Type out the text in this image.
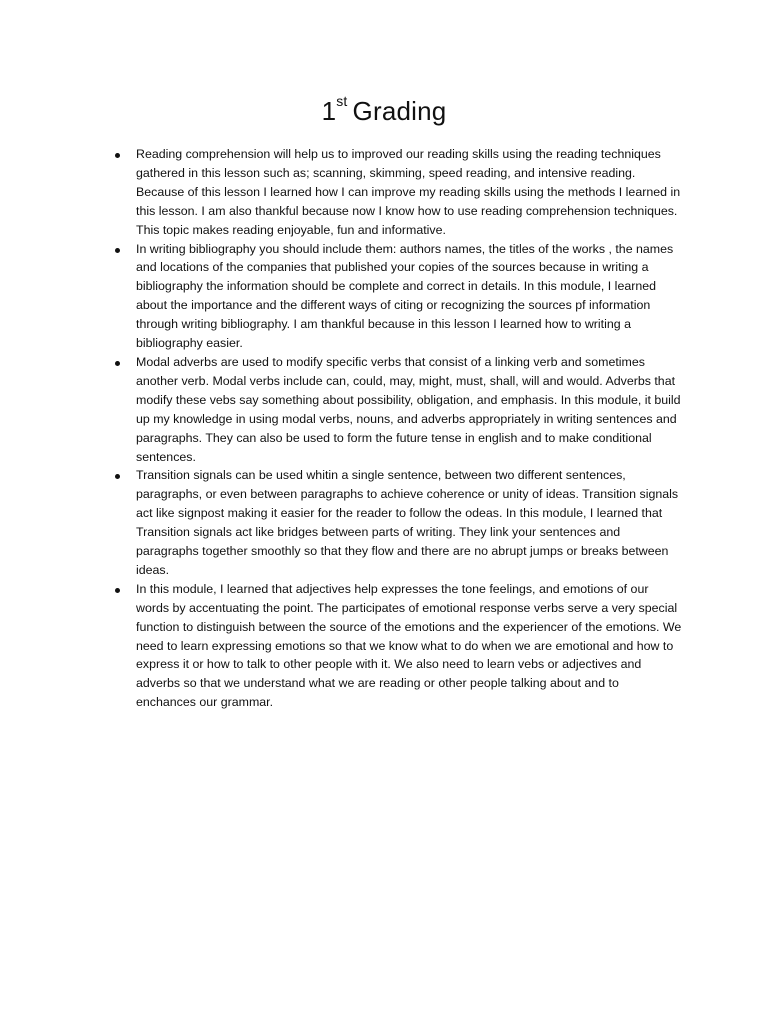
1st Grading
Reading comprehension will help us to improved our reading skills using the reading techniques gathered in this lesson such as; scanning, skimming, speed reading, and intensive reading. Because of this lesson I learned how I can improve my reading skills using the methods I learned in this lesson. I am also thankful because now I know how to use reading comprehension techniques. This topic makes reading enjoyable, fun and informative.
In writing bibliography you should include them: authors names, the titles of the works , the names and locations of the companies that published your copies of the sources because in writing a bibliography the information should be complete and correct in details. In this module, I learned about the importance and the different ways of citing or recognizing the sources pf information through writing bibliography. I am thankful because in this lesson I learned how to writing a bibliography easier.
Modal adverbs are used to modify specific verbs that consist of a linking verb and sometimes another verb. Modal verbs include can, could, may, might, must, shall, will and would. Adverbs that modify these vebs say something about possibility, obligation, and emphasis. In this module, it build up my knowledge in using modal verbs, nouns, and adverbs appropriately in writing sentences and paragraphs. They can also be used to form the future tense in english and to make conditional sentences.
Transition signals can be used whitin a single sentence, between two different sentences, paragraphs, or even between paragraphs to achieve coherence or unity of ideas. Transition signals act like signpost making it easier for the reader to follow the odeas. In this module, I learned that Transition signals act like bridges between parts of writing. They link your sentences and paragraphs together smoothly so that they flow and there are no abrupt jumps or breaks between ideas.
In this module, I learned that adjectives help expresses the tone feelings, and emotions of our words by accentuating the point. The participates of emotional response verbs serve a very special function to distinguish between the source of the emotions and the experiencer of the emotions. We need to learn expressing emotions so that we know what to do when we are emotional and how to express it or how to talk to other people with it. We also need to learn vebs or adjectives and adverbs so that we understand what we are reading or other people talking about and to enchances our grammar.
